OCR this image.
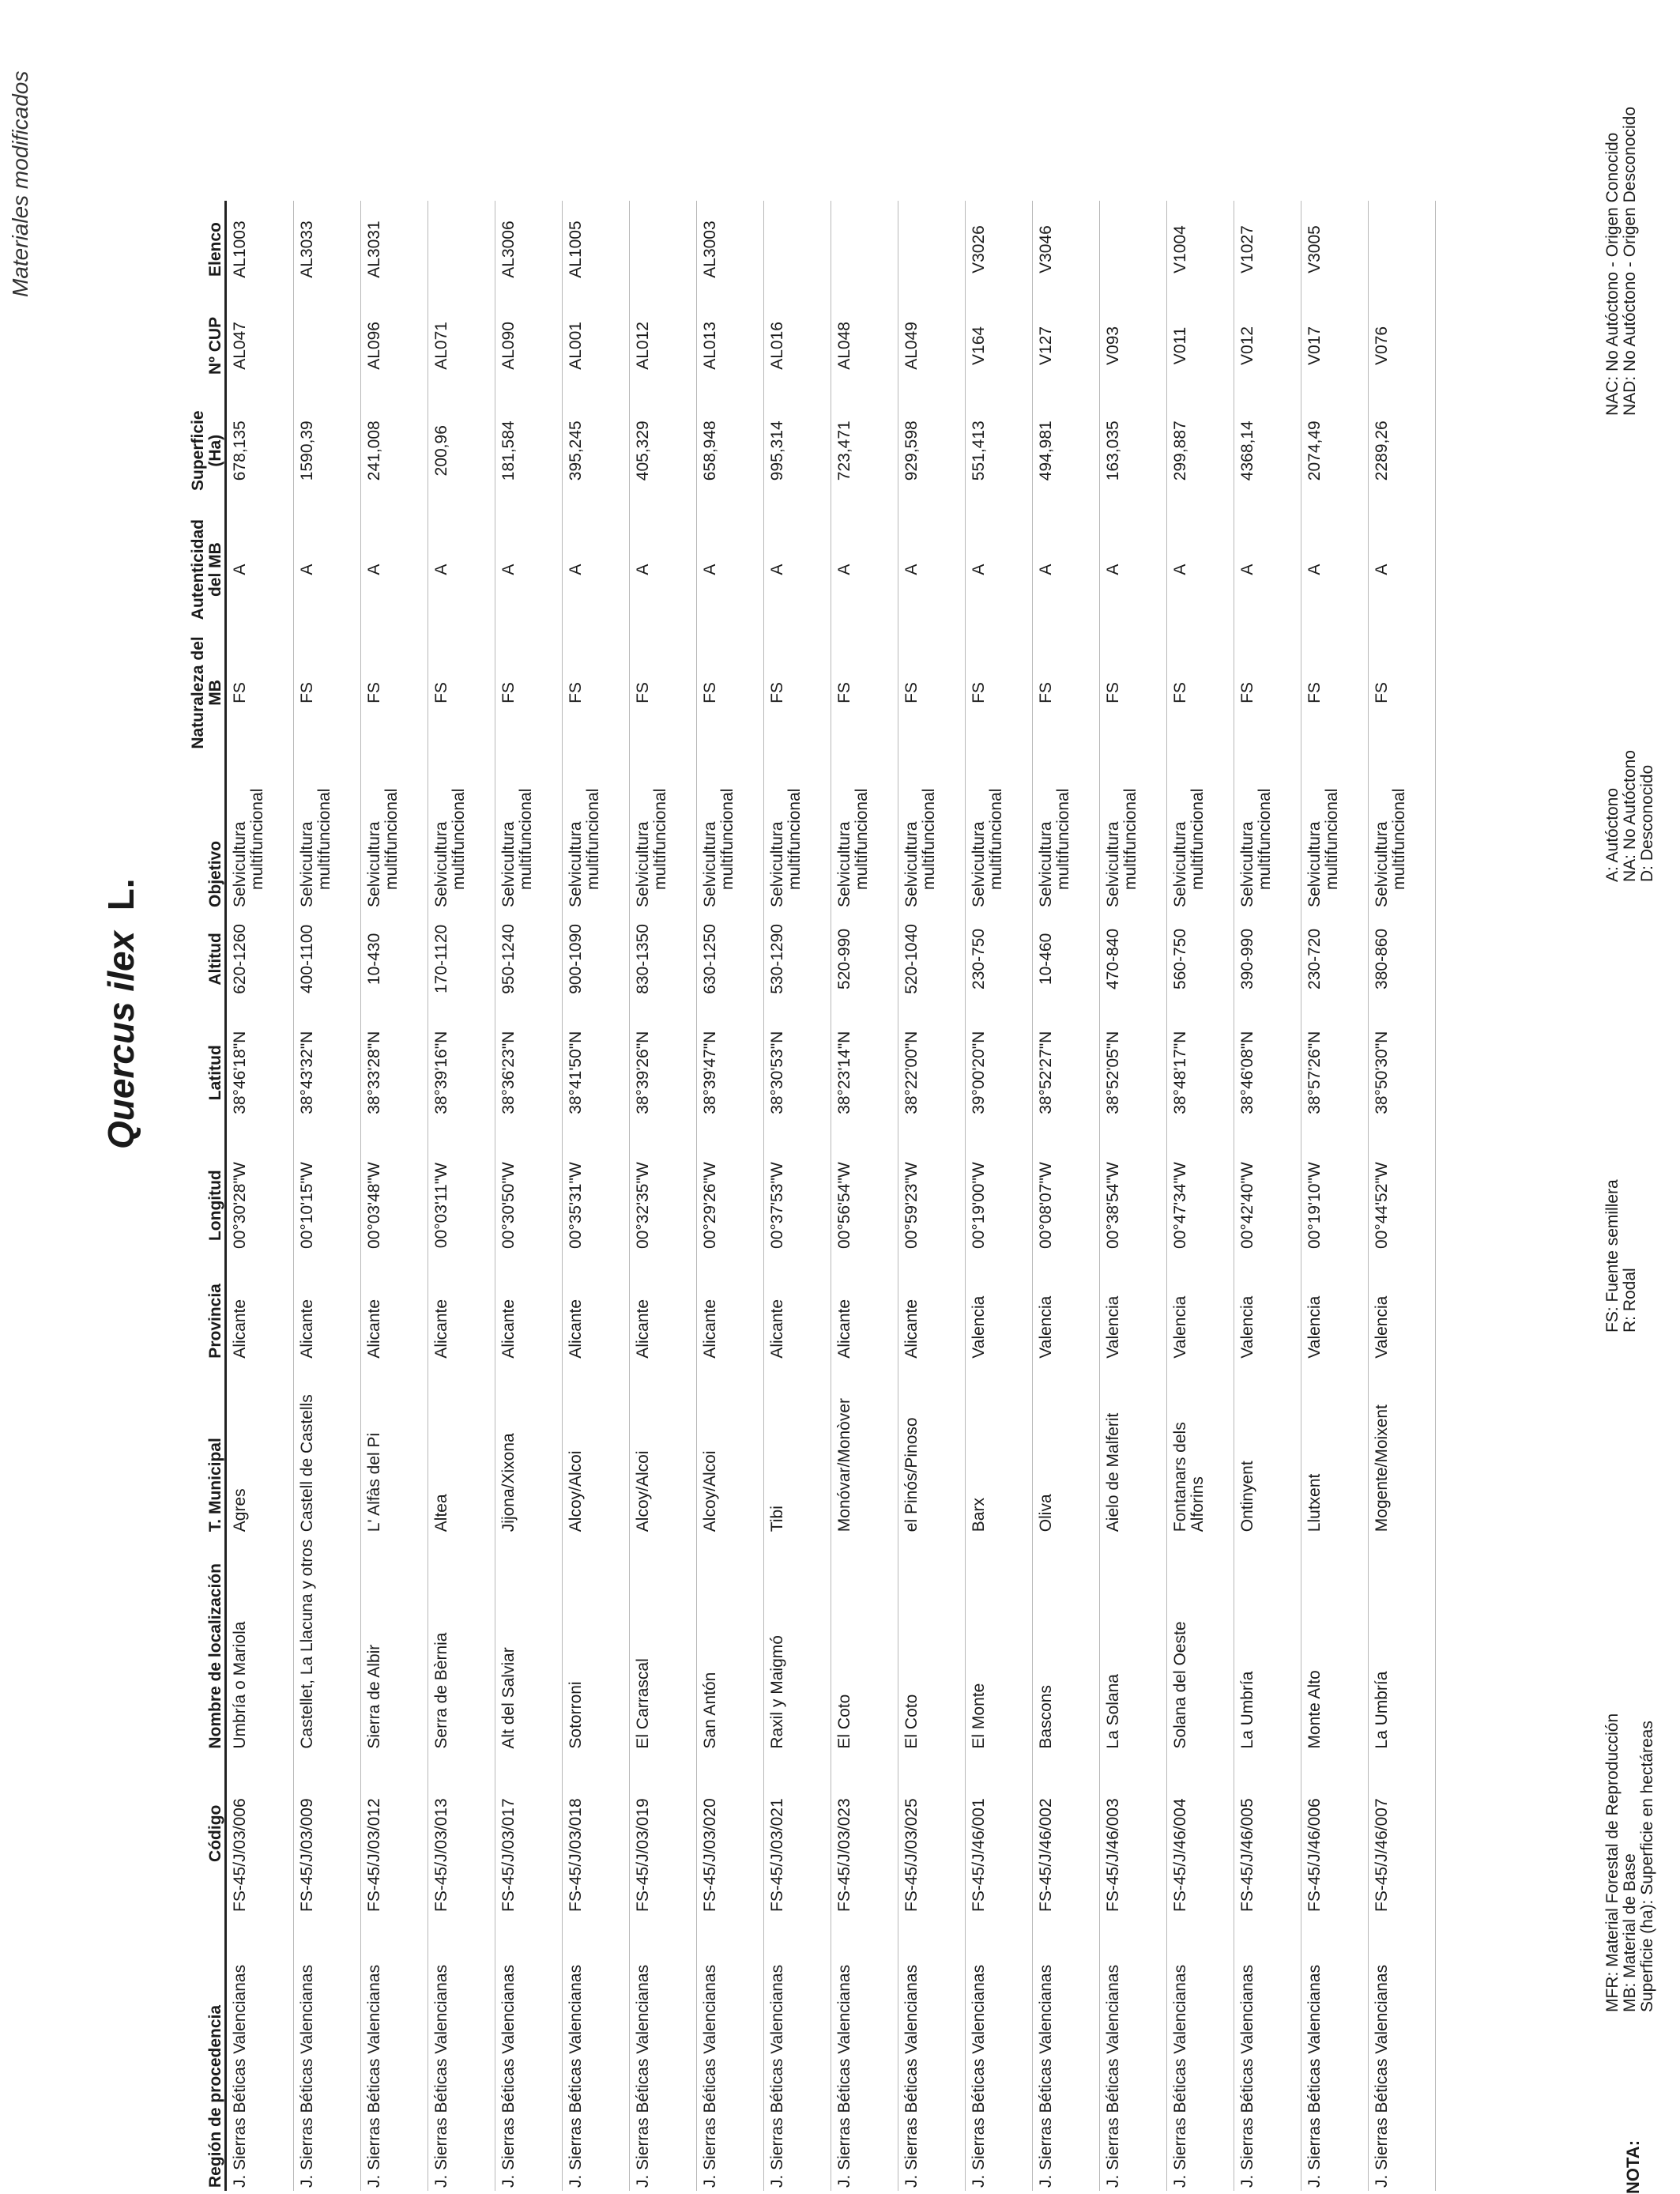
Materiales modificados
Quercus ilex  L.
Región de procedencia	Código	Nombre de localización	T. Municipal	Provincia	Longitud	Latitud	Altitud	Objetivo	Naturaleza del MB	Autenticidad del MB	Superficie (Ha)	Nº CUP	Elenco
J. Sierras Béticas Valencianas	FS-45/J/03/006	Umbría o Mariola	Agres	Alicante	00°30'28"W	38°46'18"N	620-1260	Selvicultura multifuncional	FS	A	678,135	AL047	AL1003
J. Sierras Béticas Valencianas	FS-45/J/03/009	Castellet, La Llacuna y otros	Castell de Castells	Alicante	00°10'15"W	38°43'32"N	400-1100	Selvicultura multifuncional	FS	A	1590,39		AL3033
J. Sierras Béticas Valencianas	FS-45/J/03/012	Sierra de Albir	L' Alfàs del Pi	Alicante	00°03'48"W	38°33'28"N	10-430	Selvicultura multifuncional	FS	A	241,008	AL096	AL3031
J. Sierras Béticas Valencianas	FS-45/J/03/013	Serra de Bèrnia	Altea	Alicante	00°03'11"W	38°39'16"N	170-1120	Selvicultura multifuncional	FS	A	200,96	AL071	
J. Sierras Béticas Valencianas	FS-45/J/03/017	Alt del Salviar	Jijona/Xixona	Alicante	00°30'50"W	38°36'23"N	950-1240	Selvicultura multifuncional	FS	A	181,584	AL090	AL3006
J. Sierras Béticas Valencianas	FS-45/J/03/018	Sotorroni	Alcoy/Alcoi	Alicante	00°35'31"W	38°41'50"N	900-1090	Selvicultura multifuncional	FS	A	395,245	AL001	AL1005
J. Sierras Béticas Valencianas	FS-45/J/03/019	El Carrascal	Alcoy/Alcoi	Alicante	00°32'35"W	38°39'26"N	830-1350	Selvicultura multifuncional	FS	A	405,329	AL012	
J. Sierras Béticas Valencianas	FS-45/J/03/020	San Antón	Alcoy/Alcoi	Alicante	00°29'26"W	38°39'47"N	630-1250	Selvicultura multifuncional	FS	A	658,948	AL013	AL3003
J. Sierras Béticas Valencianas	FS-45/J/03/021	Raxil y Maigmó	Tibi	Alicante	00°37'53"W	38°30'53"N	530-1290	Selvicultura multifuncional	FS	A	995,314	AL016	
J. Sierras Béticas Valencianas	FS-45/J/03/023	El Coto	Monóvar/Monòver	Alicante	00°56'54"W	38°23'14"N	520-990	Selvicultura multifuncional	FS	A	723,471	AL048	
J. Sierras Béticas Valencianas	FS-45/J/03/025	El Coto	el Pinós/Pinoso	Alicante	00°59'23"W	38°22'00"N	520-1040	Selvicultura multifuncional	FS	A	929,598	AL049	
J. Sierras Béticas Valencianas	FS-45/J/46/001	El Monte	Barx	Valencia	00°19'00"W	39°00'20"N	230-750	Selvicultura multifuncional	FS	A	551,413	V164	V3026
J. Sierras Béticas Valencianas	FS-45/J/46/002	Bascons	Oliva	Valencia	00°08'07"W	38°52'27"N	10-460	Selvicultura multifuncional	FS	A	494,981	V127	V3046
J. Sierras Béticas Valencianas	FS-45/J/46/003	La Solana	Aielo de Malferit	Valencia	00°38'54"W	38°52'05"N	470-840	Selvicultura multifuncional	FS	A	163,035	V093	
J. Sierras Béticas Valencianas	FS-45/J/46/004	Solana del Oeste	Fontanars dels Alforins	Valencia	00°47'34"W	38°48'17"N	560-750	Selvicultura multifuncional	FS	A	299,887	V011	V1004
J. Sierras Béticas Valencianas	FS-45/J/46/005	La Umbría	Ontinyent	Valencia	00°42'40"W	38°46'08"N	390-990	Selvicultura multifuncional	FS	A	4368,14	V012	V1027
J. Sierras Béticas Valencianas	FS-45/J/46/006	Monte Alto	Llutxent	Valencia	00°19'10"W	38°57'26"N	230-720	Selvicultura multifuncional	FS	A	2074,49	V017	V3005
J. Sierras Béticas Valencianas	FS-45/J/46/007	La Umbría	Mogente/Moixent	Valencia	00°44'52"W	38°50'30"N	380-860	Selvicultura multifuncional	FS	A	2289,26	V076	
NOTA:
MFR: Material Forestal de Reproducción MB: Material de Base Superficie (ha): Superficie en hectáreas
FS: Fuente semillera R: Rodal
A: Autóctono NA: No Autóctono D: Desconocido
NAC: No Autóctono - Origen Conocido NAD: No Autóctono - Origen Desconocido
